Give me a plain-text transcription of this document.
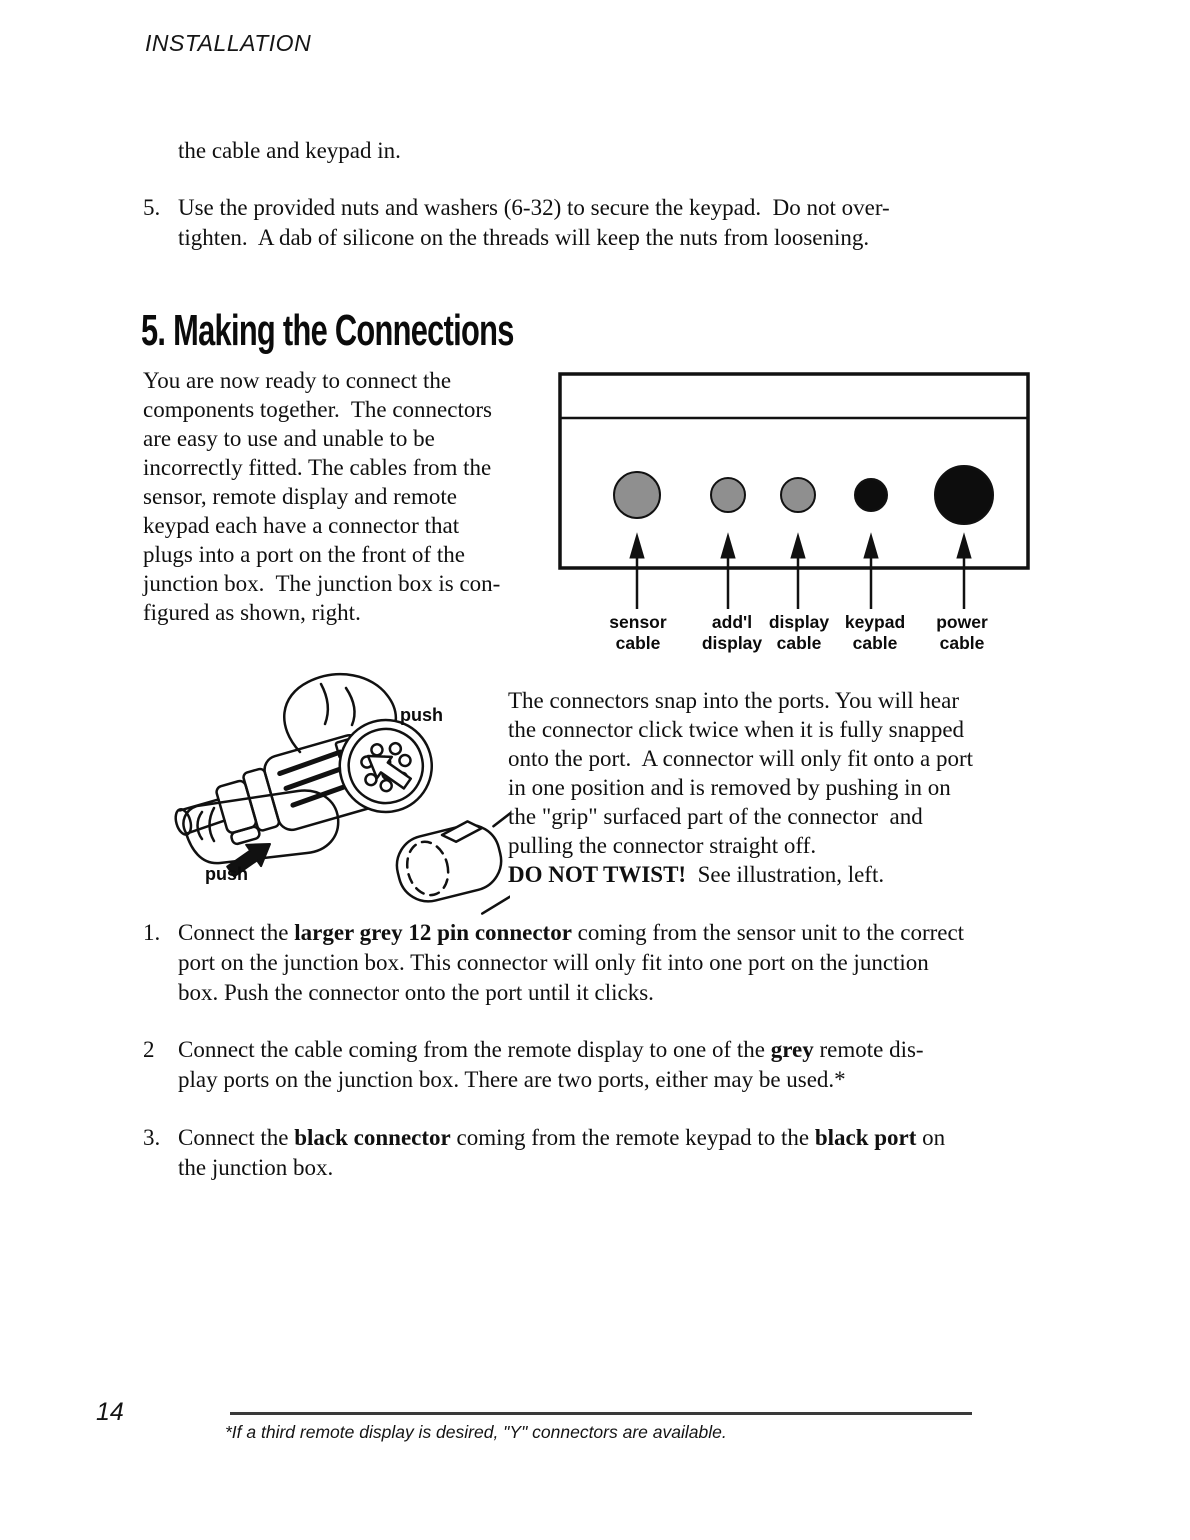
INSTALLATION
the cable and keypad in.
5. Use the provided nuts and washers (6-32) to secure the keypad.  Do not over-
tighten.  A dab of silicone on the threads will keep the nuts from loosening.
5. Making the Connections
You are now ready to connect the
components together.  The connectors
are easy to use and unable to be
incorrectly fitted. The cables from the
sensor, remote display and remote
keypad each have a connector that
plugs into a port on the front of the
junction box.  The junction box is con-
figured as shown, right.	sensor
cable
add'l
display
display
cable
keypad
cable
power
cable
push
push
The connectors snap into the ports. You will hear
the connector click twice when it is fully snapped
onto the port.  A connector will only fit onto a port
in one position and is removed by pushing in on
the "grip" surfaced part of the connector  and
pulling the connector straight off.
DO NOT TWIST!  See illustration, left.
1. Connect the larger grey 12 pin connector coming from the sensor unit to the correct
port on the junction box. This connector will only fit into one port on the junction
box. Push the connector onto the port until it clicks.
2	Connect the cable coming from the remote display to one of the grey remote dis-
play ports on the junction box. There are two ports, either may be used.*
3. Connect the black connector coming from the remote keypad to the black port on
the junction box.
14
*If a third remote display is desired, "Y" connectors are available.
